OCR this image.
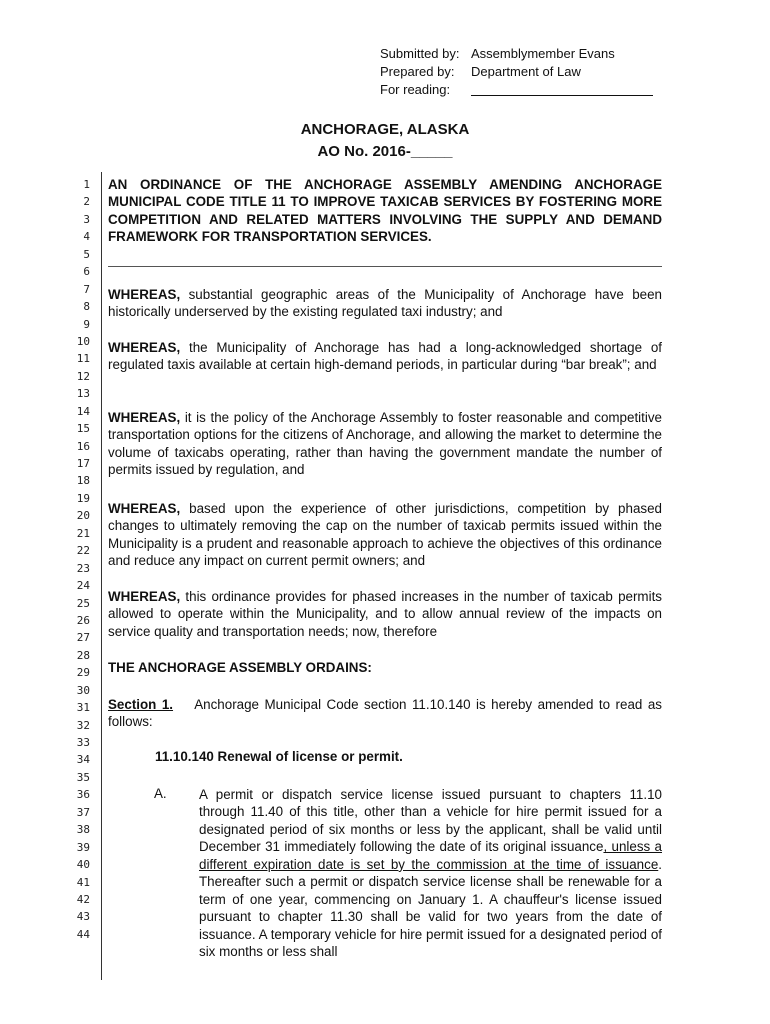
Submitted by: Assemblymember Evans
Prepared by:	Department of Law
For reading:
ANCHORAGE, ALASKA
AO No. 2016-_____
1
2
3
4
5
6
7
8
9
10
11
12
13
14
15
16
17
18
19
20
21
22
23
24
25
26
27
28
29
30
31
32
33
34
35
36
37
38
39
40
41
42
43
44
AN ORDINANCE OF THE ANCHORAGE ASSEMBLY AMENDING ANCHORAGE MUNICIPAL CODE TITLE 11 TO IMPROVE TAXICAB SERVICES BY FOSTERING MORE COMPETITION AND RELATED MATTERS INVOLVING THE SUPPLY AND DEMAND FRAMEWORK FOR TRANSPORTATION SERVICES.
WHEREAS, substantial geographic areas of the Municipality of Anchorage have been historically underserved by the existing regulated taxi industry; and
WHEREAS, the Municipality of Anchorage has had a long-acknowledged shortage of regulated taxis available at certain high-demand periods, in particular during “bar break”; and
WHEREAS, it is the policy of the Anchorage Assembly to foster reasonable and competitive transportation options for the citizens of Anchorage, and allowing the market to determine the volume of taxicabs operating, rather than having the government mandate the number of permits issued by regulation, and
WHEREAS, based upon the experience of other jurisdictions, competition by phased changes to ultimately removing the cap on the number of taxicab permits issued within the Municipality is a prudent and reasonable approach to achieve the objectives of this ordinance and reduce any impact on current permit owners; and
WHEREAS, this ordinance provides for phased increases in the number of taxicab permits allowed to operate within the Municipality, and to allow annual review of the impacts on service quality and transportation needs; now, therefore
THE ANCHORAGE ASSEMBLY ORDAINS:
Section 1. Anchorage Municipal Code section 11.10.140 is hereby amended to read as follows:
11.10.140 Renewal of license or permit.
A. A permit or dispatch service license issued pursuant to chapters 11.10 through 11.40 of this title, other than a vehicle for hire permit issued for a designated period of six months or less by the applicant, shall be valid until December 31 immediately following the date of its original issuance, unless a different expiration date is set by the commission at the time of issuance. Thereafter such a permit or dispatch service license shall be renewable for a term of one year, commencing on January 1. A chauffeur's license issued pursuant to chapter 11.30 shall be valid for two years from the date of issuance. A temporary vehicle for hire permit issued for a designated period of six months or less shall
